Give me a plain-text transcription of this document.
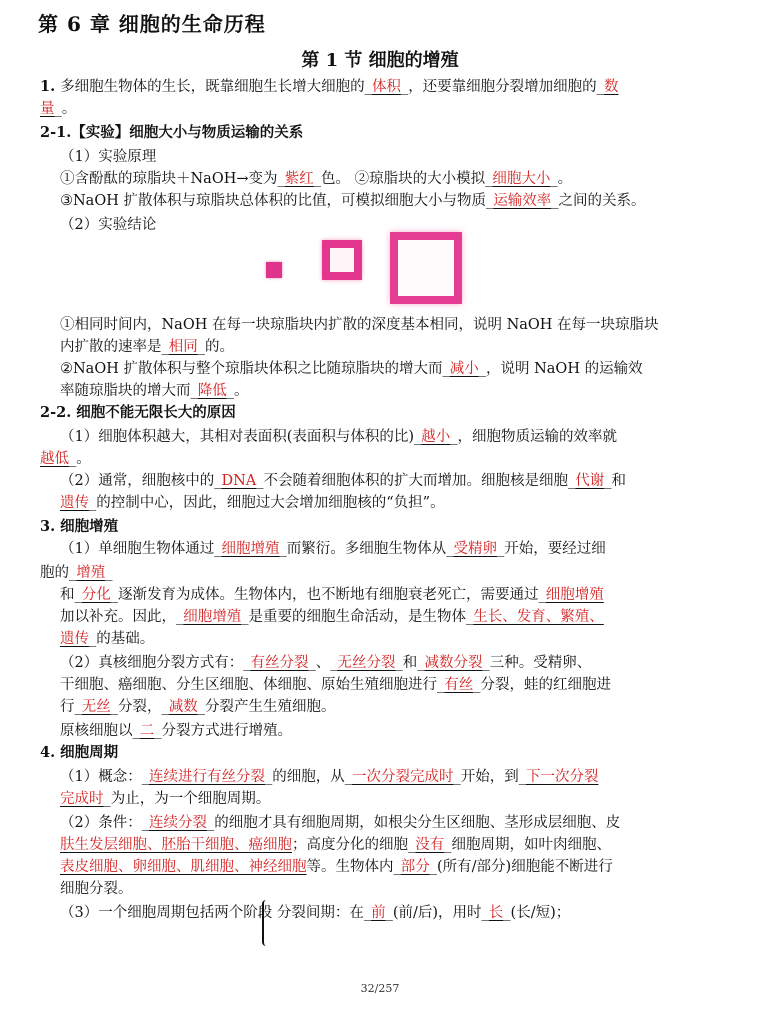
第 6 章 细胞的生命历程
第 1 节 细胞的增殖
1. 多细胞生物体的生长，既靠细胞生长增大细胞的_体积_，还要靠细胞分裂增加细胞的_数
量_。
2-1.【实验】细胞大小与物质运输的关系
（1）实验原理
①含酚酞的琼脂块＋NaOH→变为_紫红_色。 ②琼脂块的大小模拟_细胞大小_。
③NaOH 扩散体积与琼脂块总体积的比值，可模拟细胞大小与物质_运输效率_之间的关系。
（2）实验结论
①相同时间内，NaOH 在每一块琼脂块内扩散的深度基本相同，说明 NaOH 在每一块琼脂块
内扩散的速率是_相同_的。
②NaOH 扩散体积与整个琼脂块体积之比随琼脂块的增大而_减小_，说明 NaOH 的运输效
率随琼脂块的增大而_降低_。
2-2. 细胞不能无限长大的原因
（1）细胞体积越大，其相对表面积(表面积与体积的比)_越小_，细胞物质运输的效率就
越低_。
（2）通常，细胞核中的_DNA_不会随着细胞体积的扩大而增加。细胞核是细胞_代谢_和
遗传_的控制中心，因此，细胞过大会增加细胞核的“负担”。
3. 细胞增殖
（1）单细胞生物体通过_细胞增殖_而繁衍。多细胞生物体从_受精卵_开始，要经过细
胞的_增殖_
和_分化_逐渐发育为成体。生物体内，也不断地有细胞衰老死亡，需要通过_细胞增殖
加以补充。因此，_细胞增殖_是重要的细胞生命活动，是生物体_生长、发育、繁殖、
遗传_的基础。
（2）真核细胞分裂方式有：_有丝分裂_、_无丝分裂_和_减数分裂_三种。受精卵、
干细胞、癌细胞、分生区细胞、体细胞、原始生殖细胞进行_有丝_分裂，蛙的红细胞进
行_无丝_分裂，_减数_分裂产生生殖细胞。
原核细胞以_二_分裂方式进行增殖。
4. 细胞周期
（1）概念：_连续进行有丝分裂_的细胞，从_一次分裂完成时_开始，到_下一次分裂
完成时_为止，为一个细胞周期。
（2）条件：_连续分裂_的细胞才具有细胞周期，如根尖分生区细胞、茎形成层细胞、皮
肤生发层细胞、胚胎干细胞、癌细胞；高度分化的细胞_没有_细胞周期，如叶肉细胞、
表皮细胞、卵细胞、肌细胞、神经细胞等。生物体内_部分_(所有/部分)细胞能不断进行
细胞分裂。
（3）一个细胞周期包括两个阶段 分裂间期：在_前_(前/后)，用时_长_(长/短)；
32/257
